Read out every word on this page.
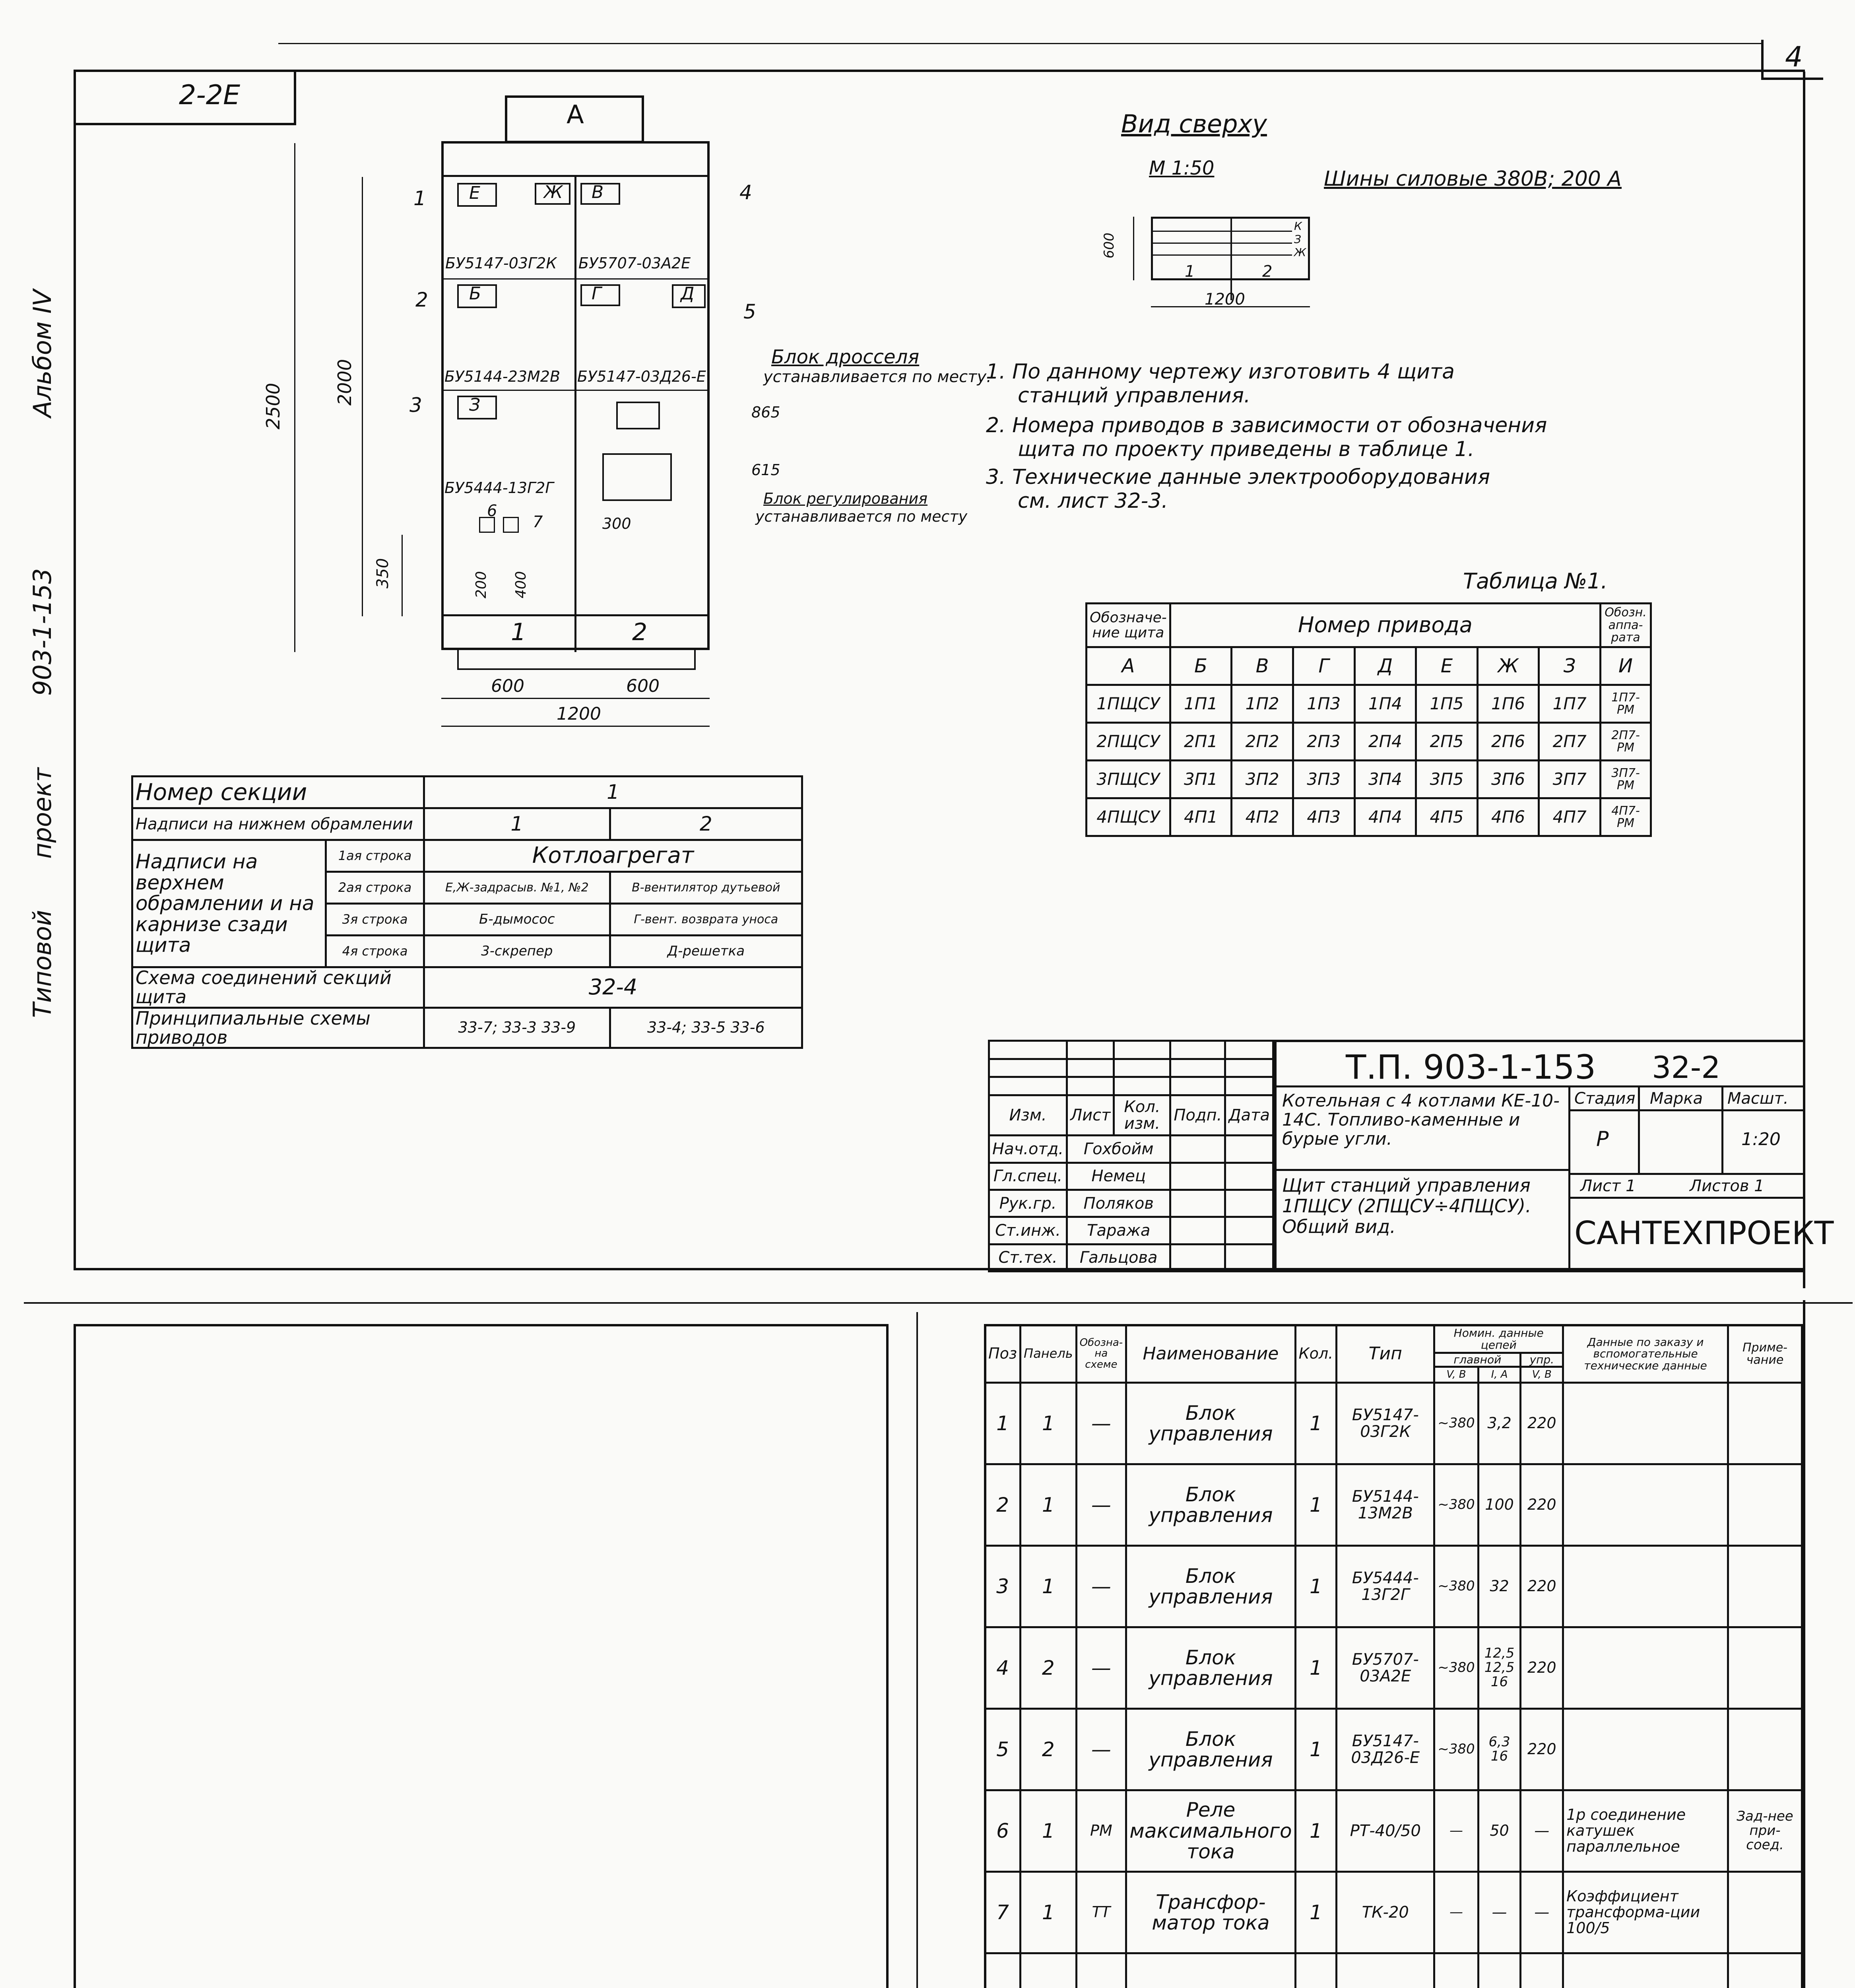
4
Типовой
проект
903-1-153
Альбом IV
2-2Е
А
Е	Ж В
БУ5147-03Г2К БУ5707-03А2Е
Б	Г	Д
БУ5144-23М2В БУ5147-03Д26-Е
З
БУ5444-13Г2Г
1	2
1	4
2
5
3
6
7
2500
2000
350	200 400
865
615
300
600	600
1200
Блок дросселя
устанавливается по месту.
Блок регулирования
устанавливается по месту
Вид сверху
М 1:50	Шины силовые 380В; 200 А
К
З
Ж
1	2
600
1200
1. По данному чертежу изготовить 4 щита
станций управления.
2. Номера приводов в зависимости от обозначения
щита по проекту приведены в таблице 1.
3. Технические данные электрооборудования
см. лист 32-3.
Таблица №1.
Обозначе-ние щита	Номер привода							Обозн. аппа-рата
А	Б	В	Г	Д	Е	Ж	З	И
1ПЩСУ	1П1	1П2	1П3	1П4	1П5	1П6	1П7	1П7-РМ
2ПЩСУ	2П1	2П2	2П3	2П4	2П5	2П6	2П7	2П7-РМ
3ПЩСУ	3П1	3П2	3П3	3П4	3П5	3П6	3П7	3П7-РМ
4ПЩСУ	4П1	4П2	4П3	4П4	4П5	4П6	4П7	4П7-РМ
Номер секции		1	
Надписи на нижнем обрамлении		1	2
Надписи на верхнем обрамлении и на карнизе сзади щита	1ая строка	Котлоагрегат	
	2ая строка	Е,Ж-задрасыв. №1, №2	В-вентилятор дутьевой
	3я строка	Б-дымосос	Г-вент. возврата уноса
	4я строка	3-скрепер	Д-решетка
Схема соединений секций щита		32-4	
Принципиальные схемы приводов		33-7; 33-3 33-9	33-4; 33-5 33-6

Изм.	Лист	Кол. изм.	Подп.	Дата
Нач.отд.	Гохбойм			
Гл.спец.	Немец			
Рук.гр.	Поляков			
Ст.инж.	Таража			
Ст.тех.	Гальцова			
Т.П. 903-1-153 32-2
Котельная с 4 котлами КЕ-10-14С. Топливо-каменные и бурые угли.
Щит станций управления 1ПЩСУ (2ПЩСУ÷4ПЩСУ). Общий вид.
Стадия Марка Масшт.
Р	1:20
Лист 1	Листов 1
САНТЕХПРОЕКТ
Поз	Панель	Обозна-на схеме	Наименование	Кол.	Тип	Номин. данные цепей			Данные по заказу и вспомогательные технические данные	Приме-чание
						главной		упр.		
						V, В	I, А	V, В		
1	1	—	Блок управления	1	БУ5147-03Г2К	~380	3,2	220		
2	1	—	Блок управления	1	БУ5144-13М2В	~380	100	220		
3	1	—	Блок управления	1	БУ5444-13Г2Г	~380	32	220		
4	2	—	Блок управления	1	БУ5707-03А2Е	~380	12,5 12,5 16	220		
5	2	—	Блок управления	1	БУ5147-03Д26-Е	~380	6,3 16	220		
6	1	РМ	Реле максимального тока	1	РТ-40/50	—	50	—	1р соединение катушек параллельное	Зад-нее при-соед.
7	1	ТТ	Трансфор-матор тока	1	ТК-20	—	—	—	Коэффициент трансформа-ции 100/5	
